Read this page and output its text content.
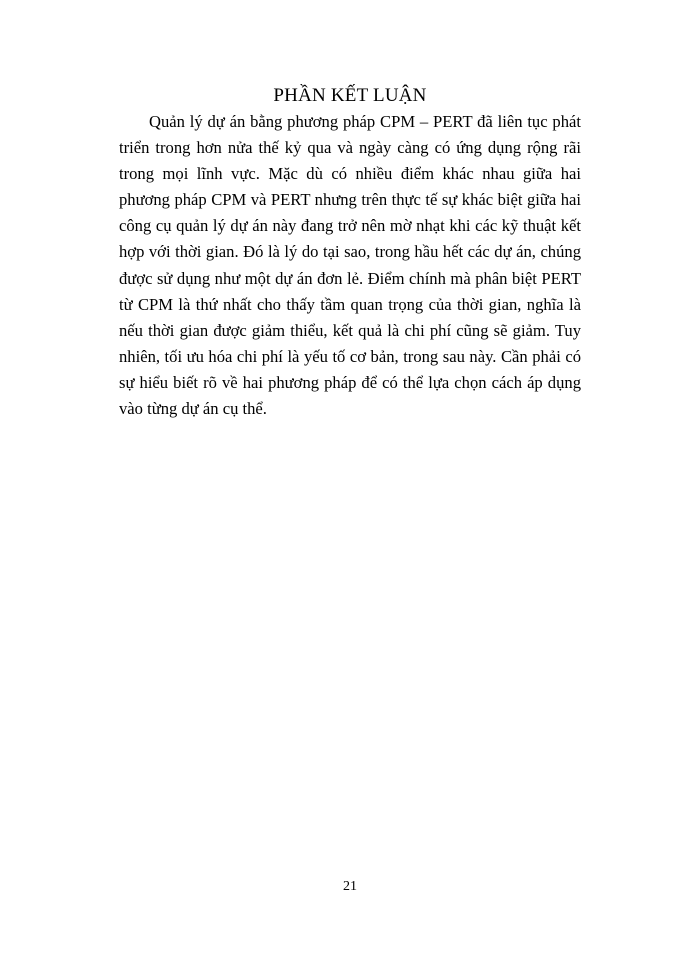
PHẦN KẾT LUẬN

Quản lý dự án bằng phương pháp CPM – PERT đã liên tục phát triển trong hơn nửa thế kỷ qua và ngày càng có ứng dụng rộng rãi trong mọi lĩnh vực. Mặc dù có nhiều điểm khác nhau giữa hai phương pháp CPM và PERT nhưng trên thực tế sự khác biệt giữa hai công cụ quản lý dự án này đang trở nên mờ nhạt khi các kỹ thuật kết hợp với thời gian. Đó là lý do tại sao, trong hầu hết các dự án, chúng được sử dụng như một dự án đơn lẻ. Điểm chính mà phân biệt PERT từ CPM là thứ nhất cho thấy tầm quan trọng của thời gian, nghĩa là nếu thời gian được giảm thiểu, kết quả là chi phí cũng sẽ giảm. Tuy nhiên, tối ưu hóa chi phí là yếu tố cơ bản, trong sau này. Cần phải có sự hiểu biết rõ về hai phương pháp để có thể lựa chọn cách áp dụng vào từng dự án cụ thể.

21
